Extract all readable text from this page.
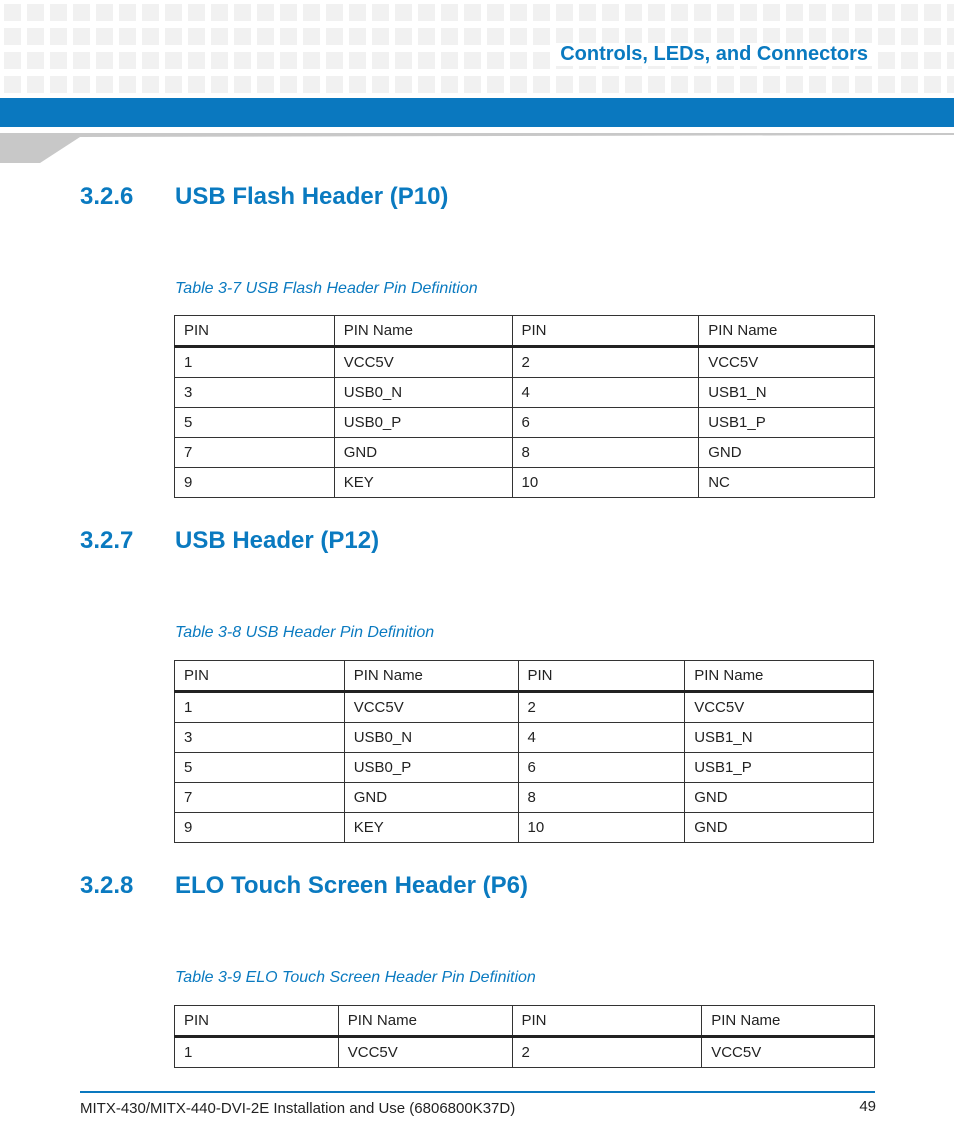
Controls, LEDs, and Connectors
3.2.6 USB Flash Header (P10)

Table 3-7 USB Flash Header Pin Definition

PIN	PIN Name	PIN	PIN Name
1	VCC5V	2	VCC5V
3	USB0_N	4	USB1_N
5	USB0_P	6	USB1_P
7	GND	8	GND
9	KEY	10	NC
3.2.7 USB Header (P12)

Table 3-8 USB Header Pin Definition

PIN	PIN Name	PIN	PIN Name
1	VCC5V	2	VCC5V
3	USB0_N	4	USB1_N
5	USB0_P	6	USB1_P
7	GND	8	GND
9	KEY	10	GND
3.2.8 ELO Touch Screen Header (P6)

Table 3-9 ELO Touch Screen Header Pin Definition

PIN	PIN Name	PIN	PIN Name
1	VCC5V	2	VCC5V
MITX-430/MITX-440-DVI-2E Installation and Use (6806800K37D)	49
